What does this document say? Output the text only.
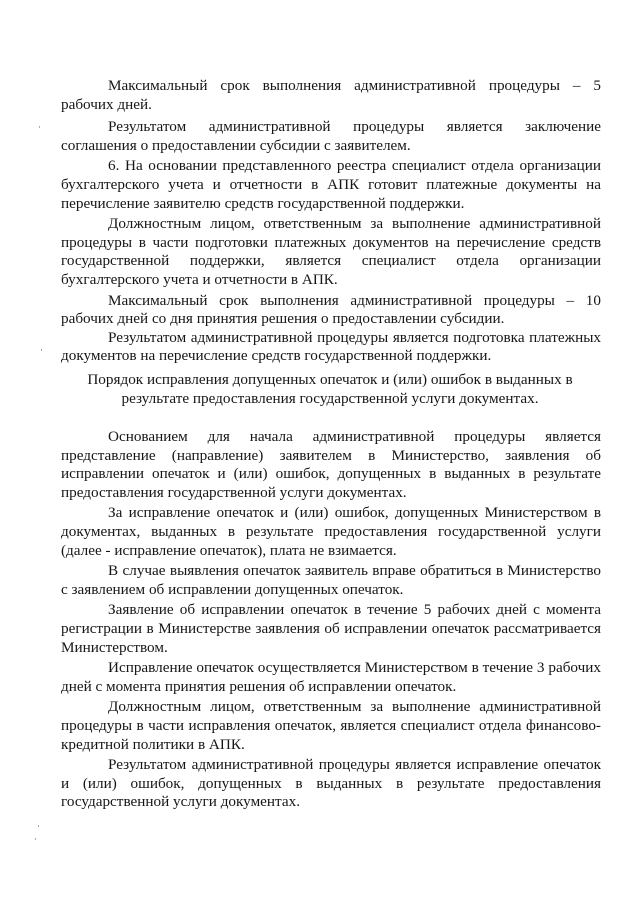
Максимальный срок выполнения административной процедуры – 5 рабочих дней.

Результатом административной процедуры является заключение соглашения о предоставлении субсидии с заявителем.

6. На основании представленного реестра специалист отдела организации бухгалтерского учета и отчетности в АПК готовит платежные документы на перечисление заявителю средств государственной поддержки.

Должностным лицом, ответственным за выполнение административной процедуры в части подготовки платежных документов на перечисление средств государственной поддержки, является специалист отдела организации бухгалтерского учета и отчетности в АПК.

Максимальный срок выполнения административной процедуры – 10 рабочих дней со дня принятия решения о предоставлении субсидии.

Результатом административной процедуры является подготовка платежных документов на перечисление средств государственной поддержки.

Порядок исправления допущенных опечаток и (или) ошибок в выданных в результате предоставления государственной услуги документах.

Основанием для начала административной процедуры является представление (направление) заявителем в Министерство, заявления об исправлении опечаток и (или) ошибок, допущенных в выданных в результате предоставления государственной услуги документах.

За исправление опечаток и (или) ошибок, допущенных Министерством в документах, выданных в результате предоставления государственной услуги (далее - исправление опечаток), плата не взимается.

В случае выявления опечаток заявитель вправе обратиться в Министерство с заявлением об исправлении допущенных опечаток.

Заявление об исправлении опечаток в течение 5 рабочих дней с момента регистрации в Министерстве заявления об исправлении опечаток рассматривается Министерством.

Исправление опечаток осуществляется Министерством в течение 3 рабочих дней с момента принятия решения об исправлении опечаток.

Должностным лицом, ответственным за выполнение административной процедуры в части исправления опечаток, является специалист отдела финансово-кредитной политики в АПК.

Результатом административной процедуры является исправление опечаток и (или) ошибок, допущенных в выданных в результате предоставления государственной услуги документах.

·
·
·
·
